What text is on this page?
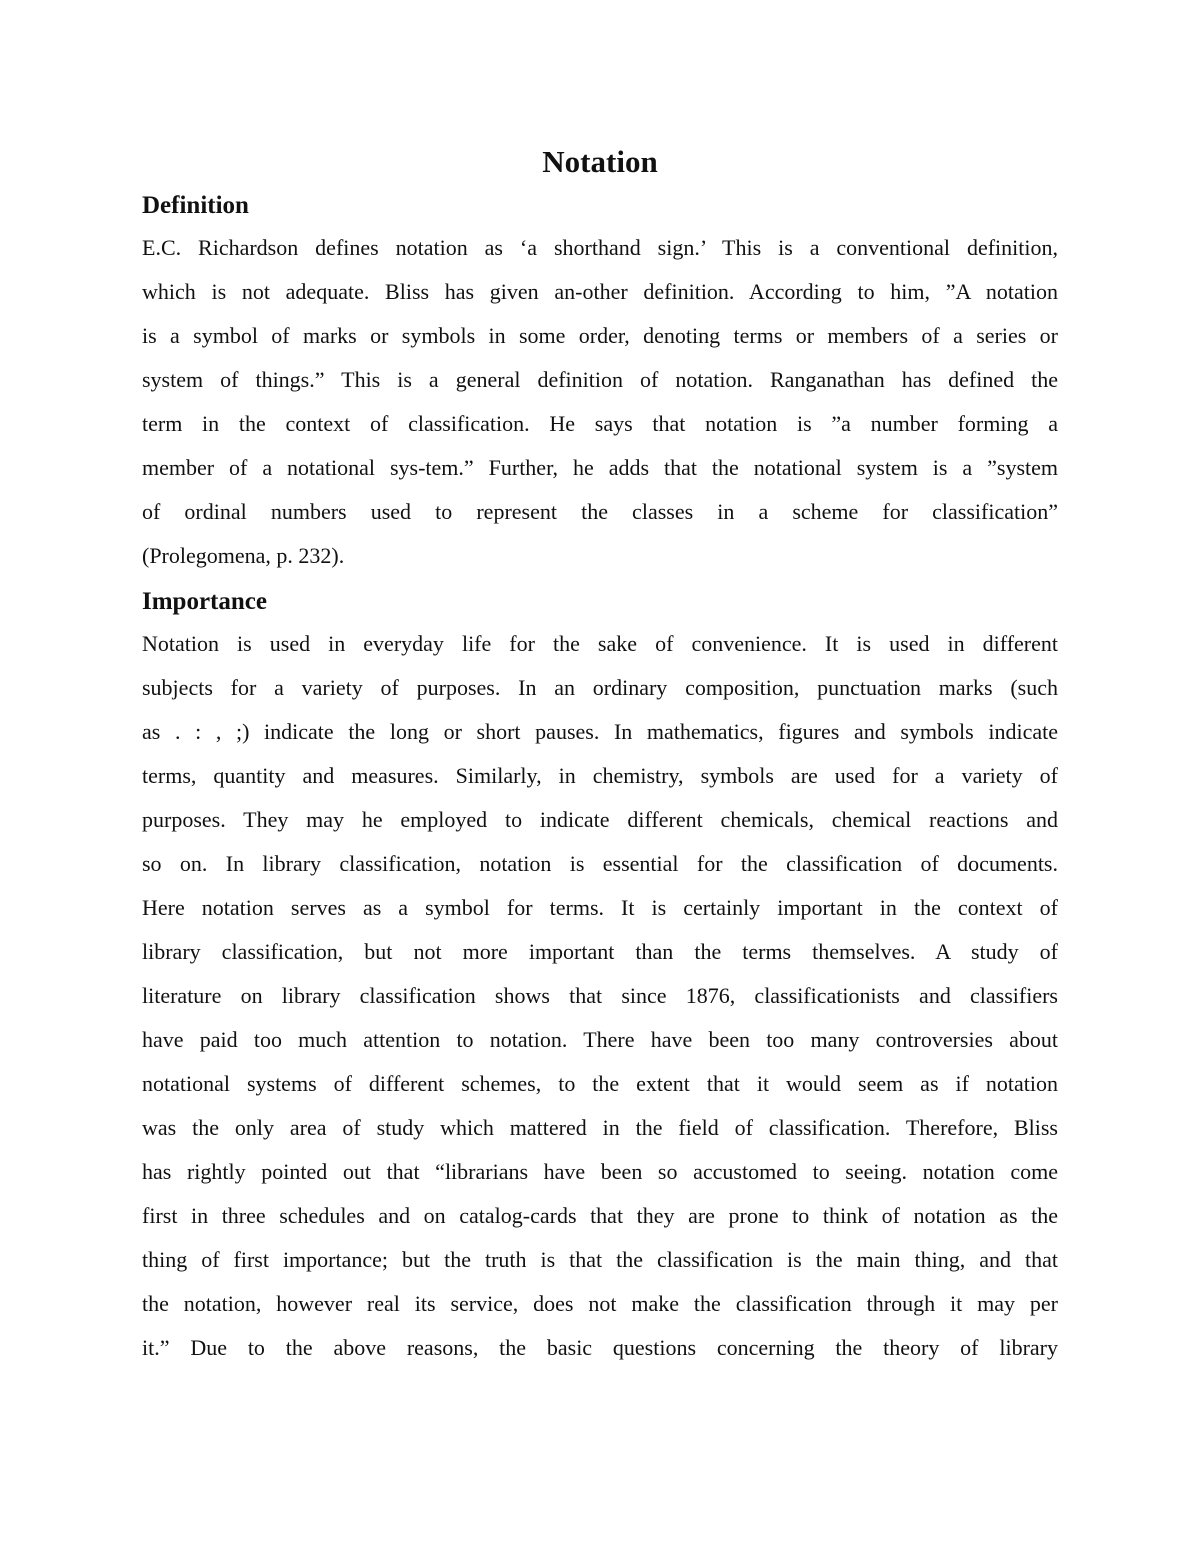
Notation
Definition
E.C. Richardson defines notation as ‘a shorthand sign.’ This is a conventional definition,
which is not adequate. Bliss has given an-other definition. According to him, ”A notation
is a symbol of marks or symbols in some order, denoting terms or members of a series or
system of things.” This is a general definition of notation. Ranganathan has defined the
term in the context of classification. He says that notation is ”a number forming a
member of a notational sys-tem.” Further, he adds that the notational system is a ”system
of ordinal numbers used to represent the classes in a scheme for classification”
(Prolegomena, p. 232).
Importance
Notation is used in everyday life for the sake of convenience. It is used in different
subjects for a variety of purposes. In an ordinary composition, punctuation marks (such
as . : , ;) indicate the long or short pauses. In mathematics, figures and symbols indicate
terms, quantity and measures. Similarly, in chemistry, symbols are used for a variety of
purposes. They may he employed to indicate different chemicals, chemical reactions and
so on. In library classification, notation is essential for the classification of documents.
Here notation serves as a symbol for terms. It is certainly important in the context of
library classification, but not more important than the terms themselves. A study of
literature on library classification shows that since 1876, classificationists and classifiers
have paid too much attention to notation. There have been too many controversies about
notational systems of different schemes, to the extent that it would seem as if notation
was the only area of study which mattered in the field of classification. Therefore, Bliss
has rightly pointed out that “librarians have been so accustomed to seeing. notation come
first in three schedules and on catalog-cards that they are prone to think of notation as the
thing of first importance; but the truth is that the classification is the main thing, and that
the notation, however real its service, does not make the classification through it may per
it.” Due to the above reasons, the basic questions concerning the theory of library
